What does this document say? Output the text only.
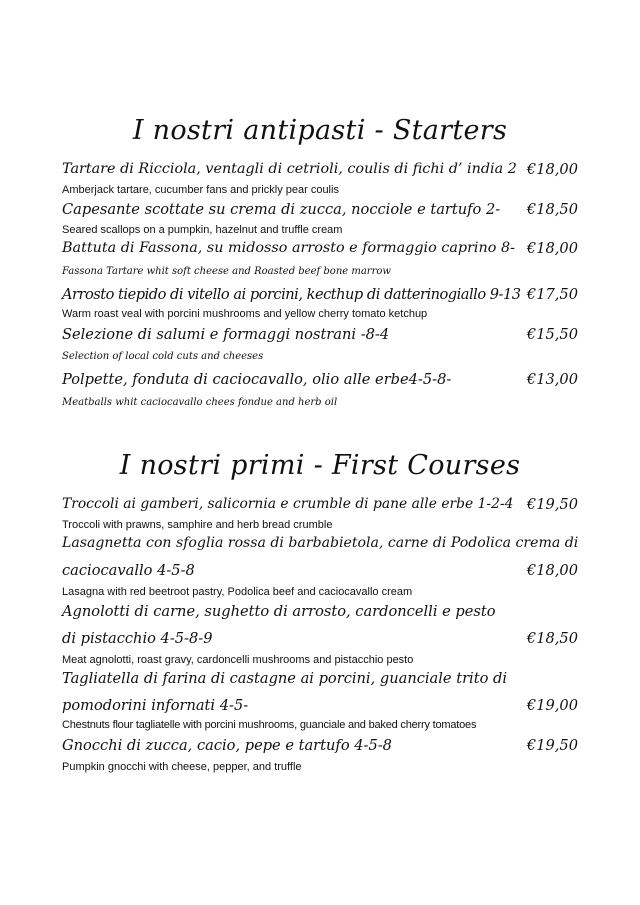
I nostri antipasti - Starters
Tartare di Ricciola, ventagli di cetrioli, coulis di fichi d’ india 2 €18,00
Amberjack tartare, cucumber fans and prickly pear coulis
Capesante scottate su crema di zucca, nocciole e tartufo 2- €18,50
Seared scallops on a pumpkin, hazelnut and truffle cream
Battuta di Fassona, su midosso arrosto e formaggio caprino 8- €18,00
Fassona Tartare whit soft cheese and Roasted beef bone marrow
Arrosto tiepido di vitello ai porcini, kecthup di datterinogiallo 9-13 €17,50
Warm roast veal with porcini mushrooms and yellow cherry tomato ketchup
Selezione di salumi e formaggi nostrani -8-4	€15,50
Selection of local cold cuts and cheeses
Polpette, fonduta di caciocavallo, olio alle erbe4-5-8-	€13,00
Meatballs whit caciocavallo chees fondue and herb oil
I nostri primi - First Courses
Troccoli ai gamberi, salicornia e crumble di pane alle erbe 1-2-4 €19,50
Troccoli with prawns, samphire and herb bread crumble
Lasagnetta con sfoglia rossa di barbabietola, carne di Podolica crema di
caciocavallo 4-5-8	€18,00
Lasagna with red beetroot pastry, Podolica beef and caciocavallo cream
Agnolotti di carne, sughetto di arrosto, cardoncelli e pesto
di pistacchio 4-5-8-9	€18,50
Meat agnolotti, roast gravy, cardoncelli mushrooms and pistacchio pesto
Tagliatella di farina di castagne ai porcini, guanciale trito di
pomodorini infornati 4-5-	€19,00
Chestnuts flour tagliatelle with porcini mushrooms, guanciale and baked cherry tomatoes
Gnocchi di zucca, cacio, pepe e tartufo 4-5-8	€19,50
Pumpkin gnocchi with cheese, pepper, and truffle
